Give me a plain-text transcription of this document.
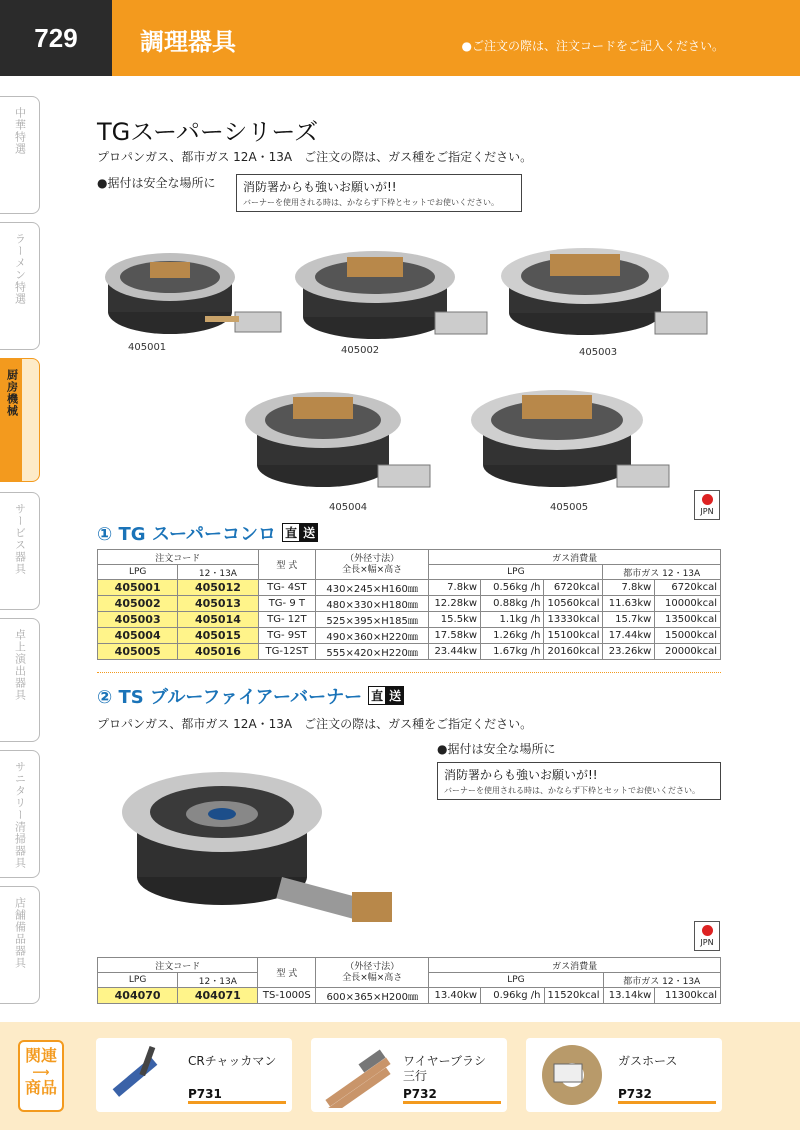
729	調理器具	●ご注文の際は、注文コードをご記入ください。
中華特選
ラーメン特選
厨房機械
サービス器具
卓上演出器具
サニタリー清掃器具
店舗備品器具
TGスーパーシリーズ
プロパンガス、都市ガス 12A・13A　ご注文の際は、ガス種をご指定ください。
●据付は安全な場所に 消防署からも強いお願いが!!
バーナーを使用される時は、かならず下枠とセットでお使いください。
405001	405002	405003
405004	405005	JPN
① TG スーパーコンロ 直 送
注文コード		型 式	（外径寸法）
全長×幅×高さ	ガス消費量				
LPG	12・13A			LPG			都市ガス 12・13A	
405001	405012	TG- 4ST	430×245×H160㎜	7.8kw	0.56kg /h	6720kcal	7.8kw	6720kcal
405002	405013	TG- 9 T	480×330×H180㎜	12.28kw	0.88kg /h	10560kcal	11.63kw	10000kcal
405003	405014	TG- 12T	525×395×H185㎜	15.5kw	1.1kg /h	13330kcal	15.7kw	13500kcal
405004	405015	TG- 9ST	490×360×H220㎜	17.58kw	1.26kg /h	15100kcal	17.44kw	15000kcal
405005	405016	TG-12ST	555×420×H220㎜	23.44kw	1.67kg /h	20160kcal	23.26kw	20000kcal
② TS ブルーファイアーバーナー 直 送
プロパンガス、都市ガス 12A・13A　ご注文の際は、ガス種をご指定ください。
●据付は安全な場所に
消防署からも強いお願いが!!
バーナーを使用される時は、かならず下枠とセットでお使いください。
JPN
注文コード		型 式	（外径寸法）
全長×幅×高さ	ガス消費量				
LPG	12・13A			LPG			都市ガス 12・13A	
404070	404071	TS-1000S	600×365×H200㎜	13.40kw	0.96kg /h	11520kcal	13.14kw	11300kcal
関連
⟶
商品
CRチャッカマン
P731
ワイヤーブラシ 三行
P732
ガスホース
P732
